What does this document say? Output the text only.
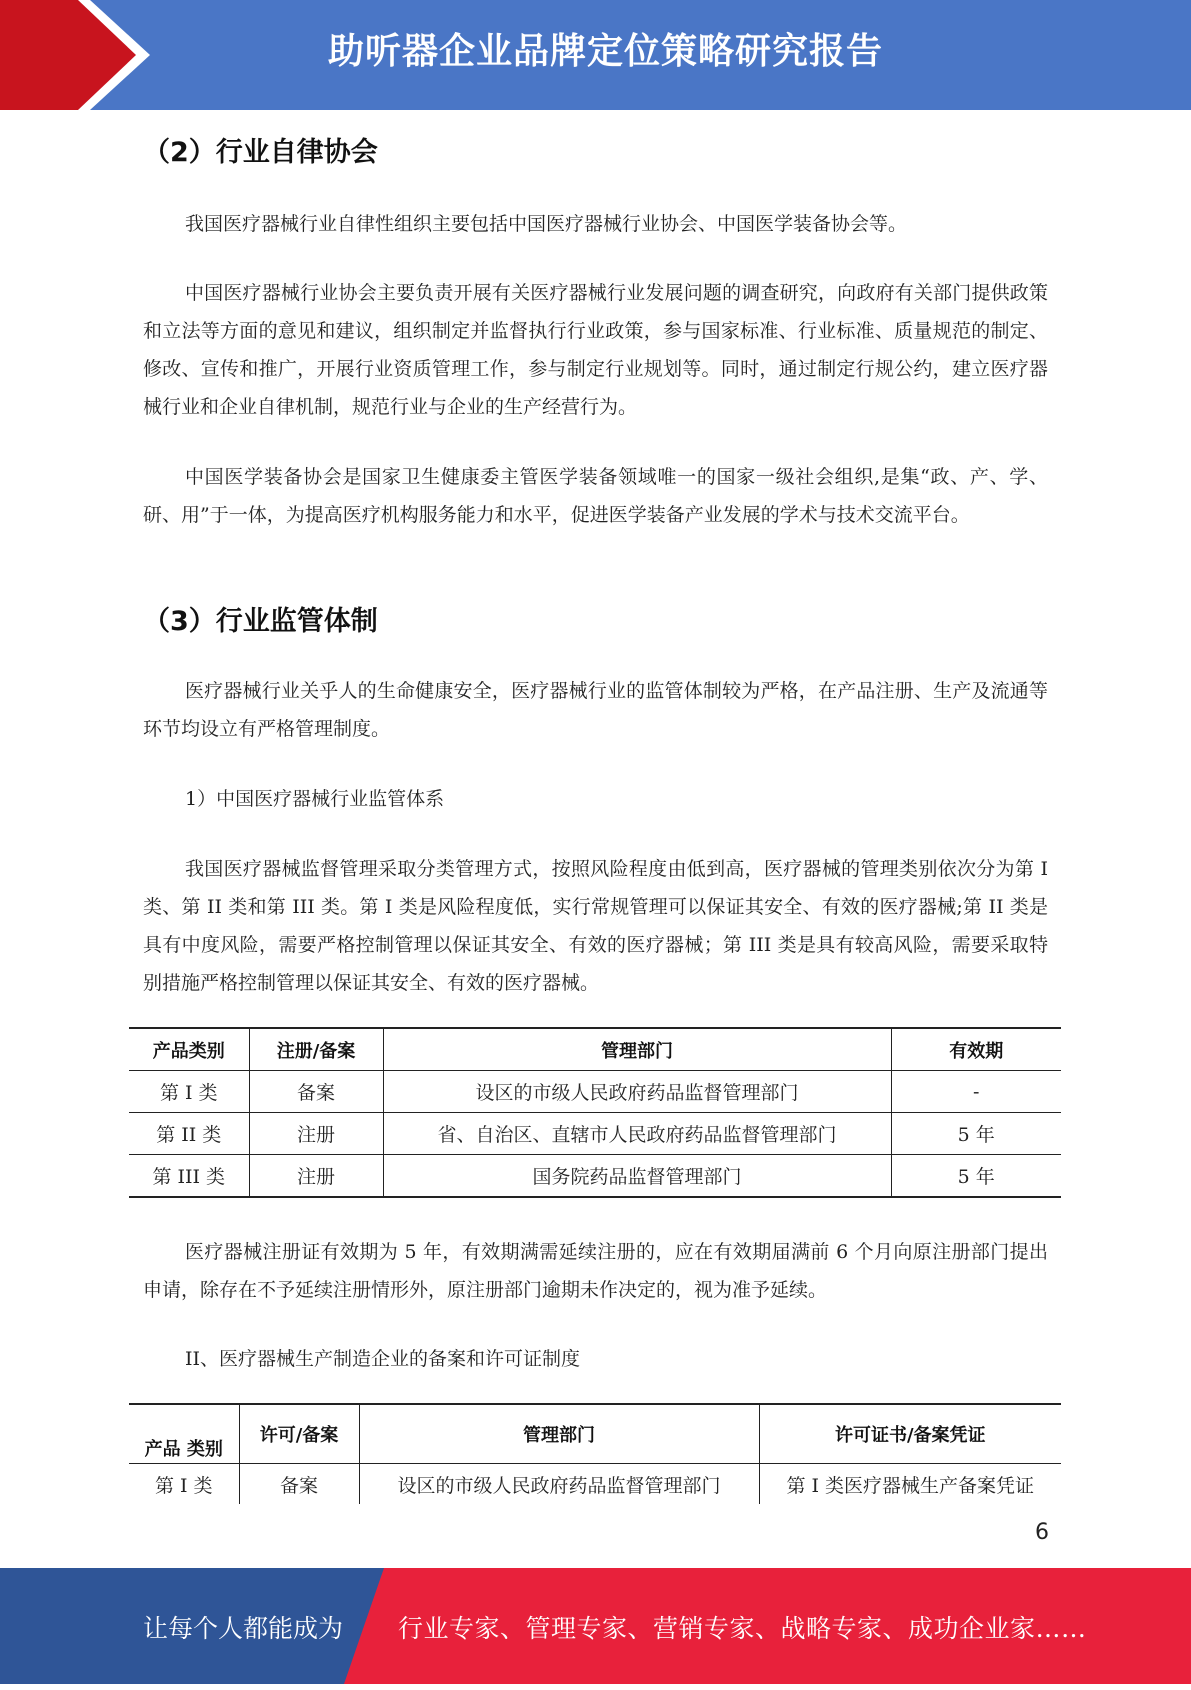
助听器企业品牌定位策略研究报告
（2）行业自律协会
我国医疗器械行业自律性组织主要包括中国医疗器械行业协会、中国医学装备协会等。
中国医疗器械行业协会主要负责开展有关医疗器械行业发展问题的调查研究，向政府有关部门提供政策和立法等方面的意见和建议，组织制定并监督执行行业政策，参与国家标准、行业标准、质量规范的制定、修改、宣传和推广，开展行业资质管理工作，参与制定行业规划等。同时，通过制定行规公约，建立医疗器械行业和企业自律机制，规范行业与企业的生产经营行为。
中国医学装备协会是国家卫生健康委主管医学装备领域唯一的国家一级社会组织,是集“政、产、学、研、用”于一体，为提高医疗机构服务能力和水平，促进医学装备产业发展的学术与技术交流平台。
（3）行业监管体制
医疗器械行业关乎人的生命健康安全，医疗器械行业的监管体制较为严格，在产品注册、生产及流通等环节均设立有严格管理制度。
1）中国医疗器械行业监管体系
我国医疗器械监督管理采取分类管理方式，按照风险程度由低到高，医疗器械的管理类别依次分为第 I 类、第 II 类和第 III 类。第 I 类是风险程度低，实行常规管理可以保证其安全、有效的医疗器械;第 II 类是具有中度风险，需要严格控制管理以保证其安全、有效的医疗器械；第 III 类是具有较高风险，需要采取特别措施严格控制管理以保证其安全、有效的医疗器械。
产品类别	注册/备案	管理部门	有效期
第 I 类	备案	设区的市级人民政府药品监督管理部门	-
第 II 类	注册	省、自治区、直辖市人民政府药品监督管理部门	5 年
第 III 类	注册	国务院药品监督管理部门	5 年
医疗器械注册证有效期为 5 年，有效期满需延续注册的，应在有效期届满前 6 个月向原注册部门提出申请，除存在不予延续注册情形外，原注册部门逾期未作决定的，视为准予延续。
II、医疗器械生产制造企业的备案和许可证制度
产品 类别	许可/备案	管理部门	许可证书/备案凭证
第 I 类	备案	设区的市级人民政府药品监督管理部门	第 I 类医疗器械生产备案凭证
6
让每个人都能成为 行业专家、管理专家、营销专家、战略专家、成功企业家……
